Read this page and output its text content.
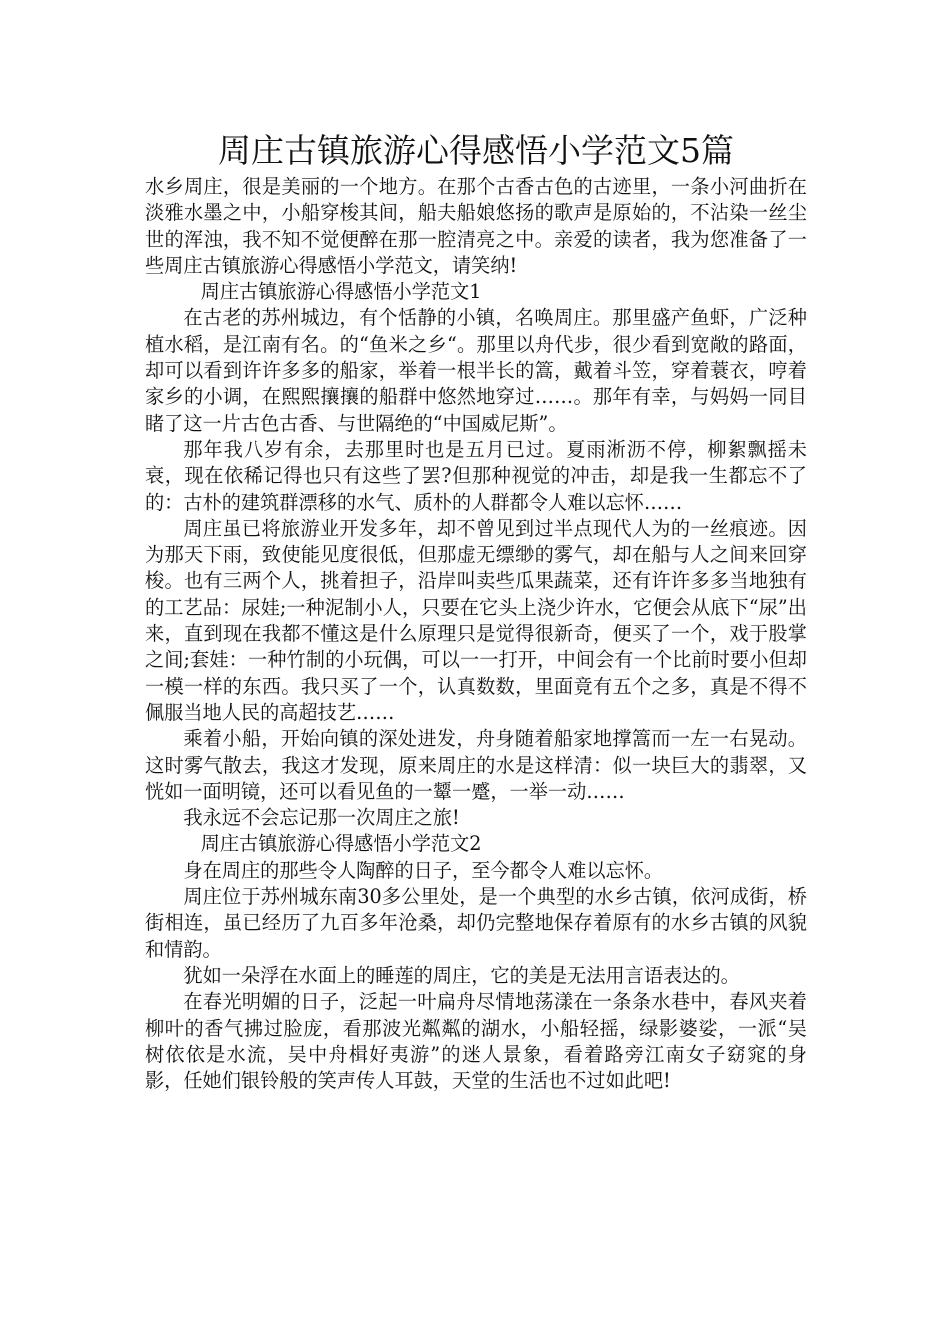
周庄古镇旅游心得感悟小学范文5篇

水乡周庄，很是美丽的一个地方。在那个古香古色的古迹里，一条小河曲折在淡雅水墨之中，小船穿梭其间，船夫船娘悠扬的歌声是原始的，不沾染一丝尘世的浑浊，我不知不觉便醉在那一腔清亮之中。亲爱的读者，我为您准备了一些周庄古镇旅游心得感悟小学范文，请笑纳!

周庄古镇旅游心得感悟小学范文1

在古老的苏州城边，有个恬静的小镇，名唤周庄。那里盛产鱼虾，广泛种植水稻，是江南有名。的“鱼米之乡“。那里以舟代步，很少看到宽敞的路面，却可以看到许许多多的船家，举着一根半长的篙，戴着斗笠，穿着蓑衣，哼着家乡的小调，在熙熙攘攘的船群中悠然地穿过……。那年有幸，与妈妈一同目睹了这一片古色古香、与世隔绝的“中国威尼斯”。

那年我八岁有余，去那里时也是五月已过。夏雨淅沥不停，柳絮飘摇未衰，现在依稀记得也只有这些了罢?但那种视觉的冲击，却是我一生都忘不了的：古朴的建筑群漂移的水气、质朴的人群都令人难以忘怀……

周庄虽已将旅游业开发多年，却不曾见到过半点现代人为的一丝痕迹。因为那天下雨，致使能见度很低，但那虚无缥缈的雾气，却在船与人之间来回穿梭。也有三两个人，挑着担子，沿岸叫卖些瓜果蔬菜，还有许许多多当地独有的工艺品：尿娃;一种泥制小人，只要在它头上浇少许水，它便会从底下“尿”出来，直到现在我都不懂这是什么原理只是觉得很新奇，便买了一个，戏于股掌之间;套娃：一种竹制的小玩偶，可以一一打开，中间会有一个比前时要小但却一模一样的东西。我只买了一个，认真数数，里面竟有五个之多，真是不得不佩服当地人民的高超技艺……

乘着小船，开始向镇的深处进发，舟身随着船家地撑篙而一左一右晃动。这时雾气散去，我这才发现，原来周庄的水是这样清：似一块巨大的翡翠，又恍如一面明镜，还可以看见鱼的一颦一蹙，一举一动……

我永远不会忘记那一次周庄之旅!

周庄古镇旅游心得感悟小学范文2

身在周庄的那些令人陶醉的日子，至今都令人难以忘怀。

周庄位于苏州城东南30多公里处，是一个典型的水乡古镇，依河成街，桥街相连，虽已经历了九百多年沧桑，却仍完整地保存着原有的水乡古镇的风貌和情韵。

犹如一朵浮在水面上的睡莲的周庄，它的美是无法用言语表达的。

在春光明媚的日子，泛起一叶扁舟尽情地荡漾在一条条水巷中，春风夹着柳叶的香气拂过脸庞，看那波光粼粼的湖水，小船轻摇，绿影婆娑，一派“吴树依依是水流，吴中舟楫好夷游”的迷人景象，看着路旁江南女子窈窕的身影，任她们银铃般的笑声传人耳鼓，天堂的生活也不过如此吧!
